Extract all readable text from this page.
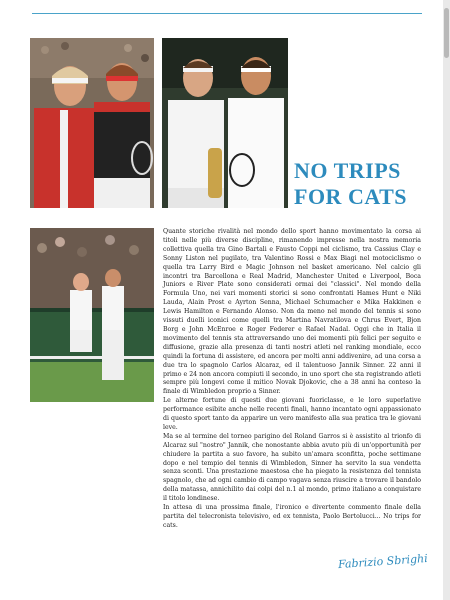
NO TRIPS
FOR CATS

Quante storiche rivalità nel mondo dello sport hanno movimentato la corsa ai titoli nelle più diverse discipline, rimanendo impresse nella nostra memoria collettiva quella tra Gino Bartali e Fausto Coppi nel ciclismo, tra Cassius Clay e Sonny Liston nel pugilato, tra Valentino Rossi e Max Biagi nel motociclismo o quella tra Larry Bird e Magic Johnson nel basket americano. Nel calcio gli incontri tra Barcellona e Real Madrid, Manchester United e Liverpool, Boca Juniors e River Plate sono considerati ormai dei "classici". Nel mondo della Formula Uno, nei vari momenti storici si sono confrontati Hames Hunt e Niki Lauda, Alain Prost e Ayrton Senna, Michael Schumacher e Mika Hakkinen e Lewis Hamilton e Fernando Alonso. Non da meno nel mondo del tennis si sono vissuti duelli iconici come quelli tra Martina Navratilova e Chrus Evert, Bjon Borg e John McEnroe e Roger Federer e Rafael Nadal. Oggi che in Italia il movimento del tennis sta attraversando uno dei momenti più felici per seguito e diffusione, grazie alla presenza di tanti nostri atleti nel ranking mondiale, ecco quindi la fortuna di assistere, ed ancora per molti anni addivenire, ad una corsa a due tra lo spagnolo Carlos Alcaraz, ed il talentuoso Jannik Sinner. 22 anni il primo e 24 non ancora compiuti il secondo, in uno sport che sta registrando atleti sempre più longevi come il mitico Novak Djokovic, che a 38 anni ha conteso la finale di Wimbledon proprio a Sinner.

Le alterne fortune di questi due giovani fuoriclasse, e le loro superlative performance esibite anche nelle recenti finali, hanno incantato ogni appassionato di questo sport tanto da apparire un vero manifesto alla sua pratica tra le giovani leve.

Ma se al termine del torneo parigino del Roland Garros si è assistito al trionfo di Alcaraz sul "nostro" Jannik, che nonostante abbia avuto più di un'opportunità per chiudere la partita a suo favore, ha subito un'amara sconfitta, poche settimane dopo e nel tempio del tennis di Wimbledon, Sinner ha servito la sua vendetta senza sconti. Una prestazione maestosa che ha piegato la resistenza del tennista spagnolo, che ad ogni cambio di campo vagava senza riuscire a trovare il bandolo della matassa, annichilito dai colpi del n.1 al mondo, primo italiano a conquistare il titolo londinese.

In attesa di una prossima finale, l'ironico e divertente commento finale della partita del telecronista televisivo, ed ex tennista, Paolo Bertolucci... No trips for cats.

Fabrizio Sbrighi
